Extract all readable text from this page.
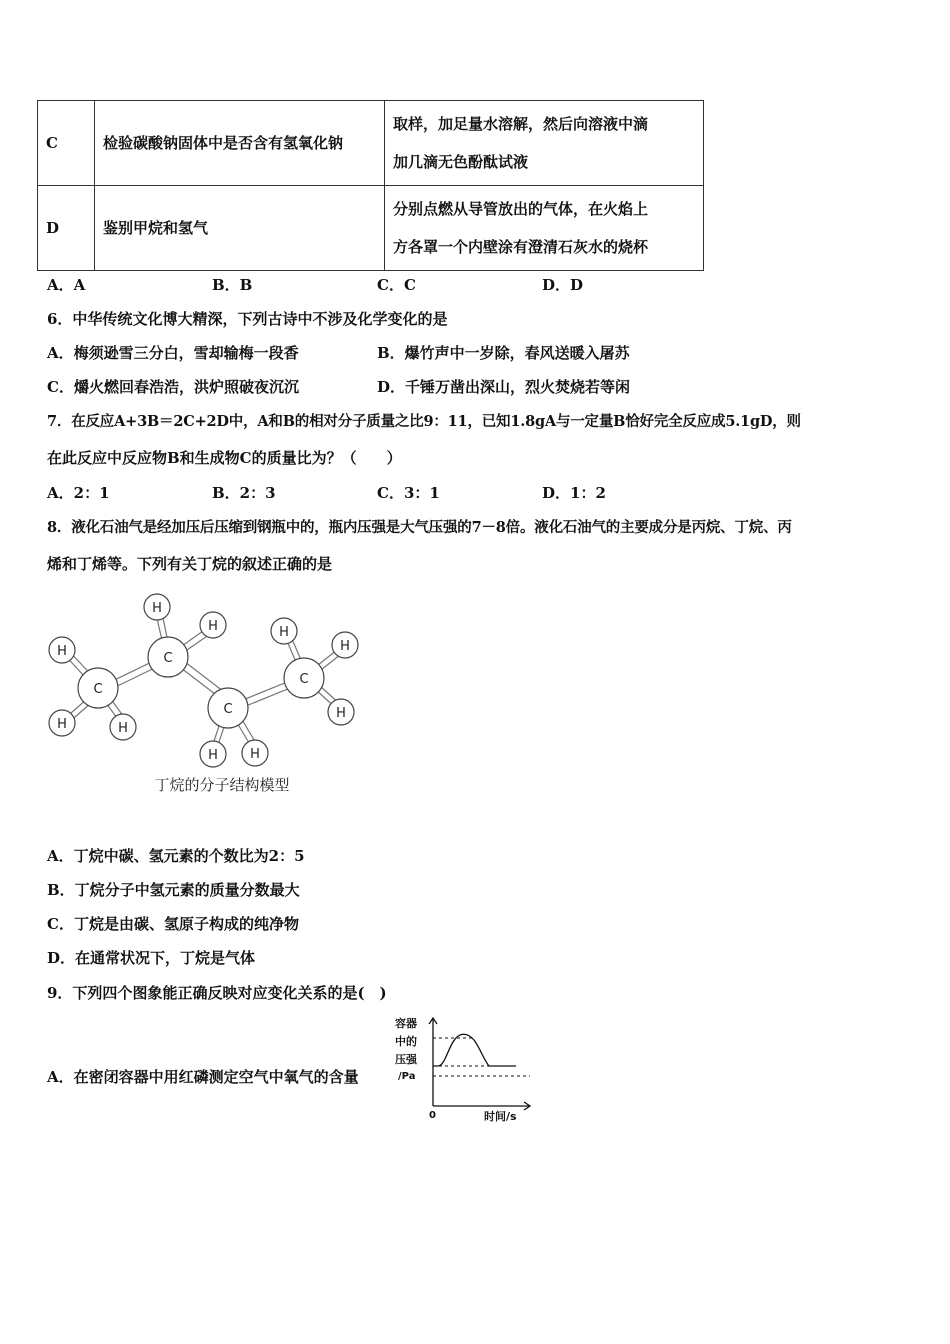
C	检验碳酸钠固体中是否含有氢氧化钠	取样，加足量水溶解，然后向溶液中滴
加几滴无色酚酞试液

D	鉴别甲烷和氢气	分别点燃从导管放出的气体，在火焰上
方各罩一个内壁涂有澄清石灰水的烧杯
A．A	B．B	C．C	D．D
6．中华传统文化博大精深，下列古诗中不涉及化学变化的是
A．梅须逊雪三分白，雪却输梅一段香	B．爆竹声中一岁除，春风送暖入屠苏
C．爝火燃回春浩浩，洪炉照破夜沉沉	D．千锤万凿出深山，烈火焚烧若等闲
7．在反应A+3B＝2C+2D中，A和B的相对分子质量之比9：11，已知1.8gA与一定量B恰好完全反应成5.1gD，则
在此反应中反应物B和生成物C的质量比为？（　　）
A．2：1	B．2：3	C．3：1	D．1：2
8．液化石油气是经加压后压缩到钢瓶中的，瓶内压强是大气压强的7－8倍。液化石油气的主要成分是丙烷、丁烷、丙
烯和丁烯等。下列有关丁烷的叙述正确的是
C
C
C
C
H
H	H
H
H
H H
H
H
H
丁烷的分子结构模型
A．丁烷中碳、氢元素的个数比为2：5
B．丁烷分子中氢元素的质量分数最大
C．丁烷是由碳、氢原子构成的纯净物
D．在通常状况下，丁烷是气体
9．下列四个图象能正确反映对应变化关系的是(　)
A．在密闭容器中用红磷测定空气中氧气的含量
容器
中的
压强
/Pa
0	时间/s
